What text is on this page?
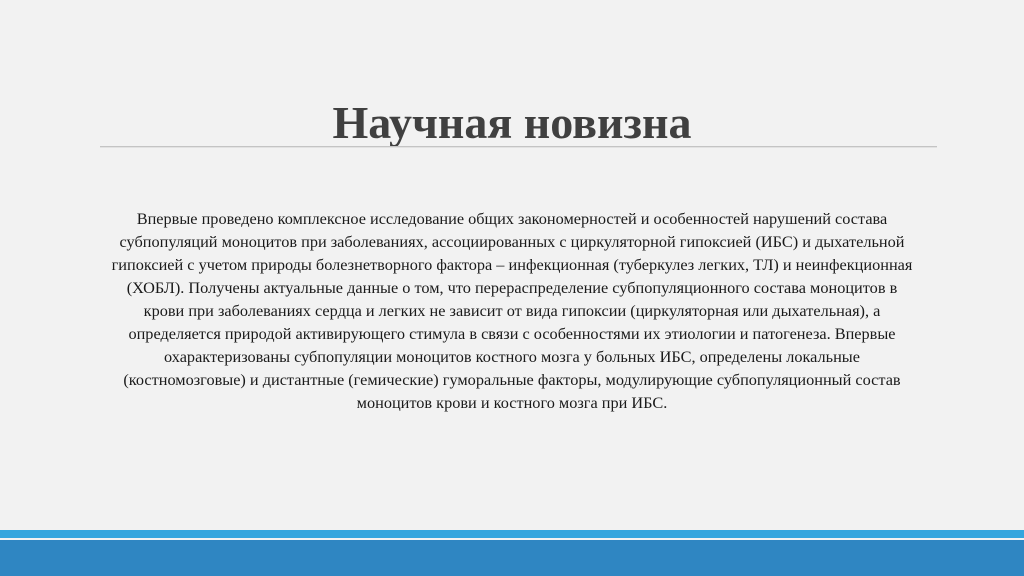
Научная новизна
Впервые проведено комплексное исследование общих закономерностей и особенностей нарушений состава
субпопуляций моноцитов при заболеваниях, ассоциированных с циркуляторной гипоксией (ИБС) и дыхательной
гипоксией с учетом природы болезнетворного фактора – инфекционная (туберкулез легких, ТЛ) и неинфекционная
(ХОБЛ). Получены актуальные данные о том, что перераспределение субпопуляционного состава моноцитов в
крови при заболеваниях сердца и легких не зависит от вида гипоксии (циркуляторная или дыхательная), а
определяется природой активирующего стимула в связи с особенностями их этиологии и патогенеза. Впервые
охарактеризованы субпопуляции моноцитов костного мозга у больных ИБС, определены локальные
(костномозговые) и дистантные (гемические) гуморальные факторы, модулирующие субпопуляционный состав
моноцитов крови и костного мозга при ИБС.
